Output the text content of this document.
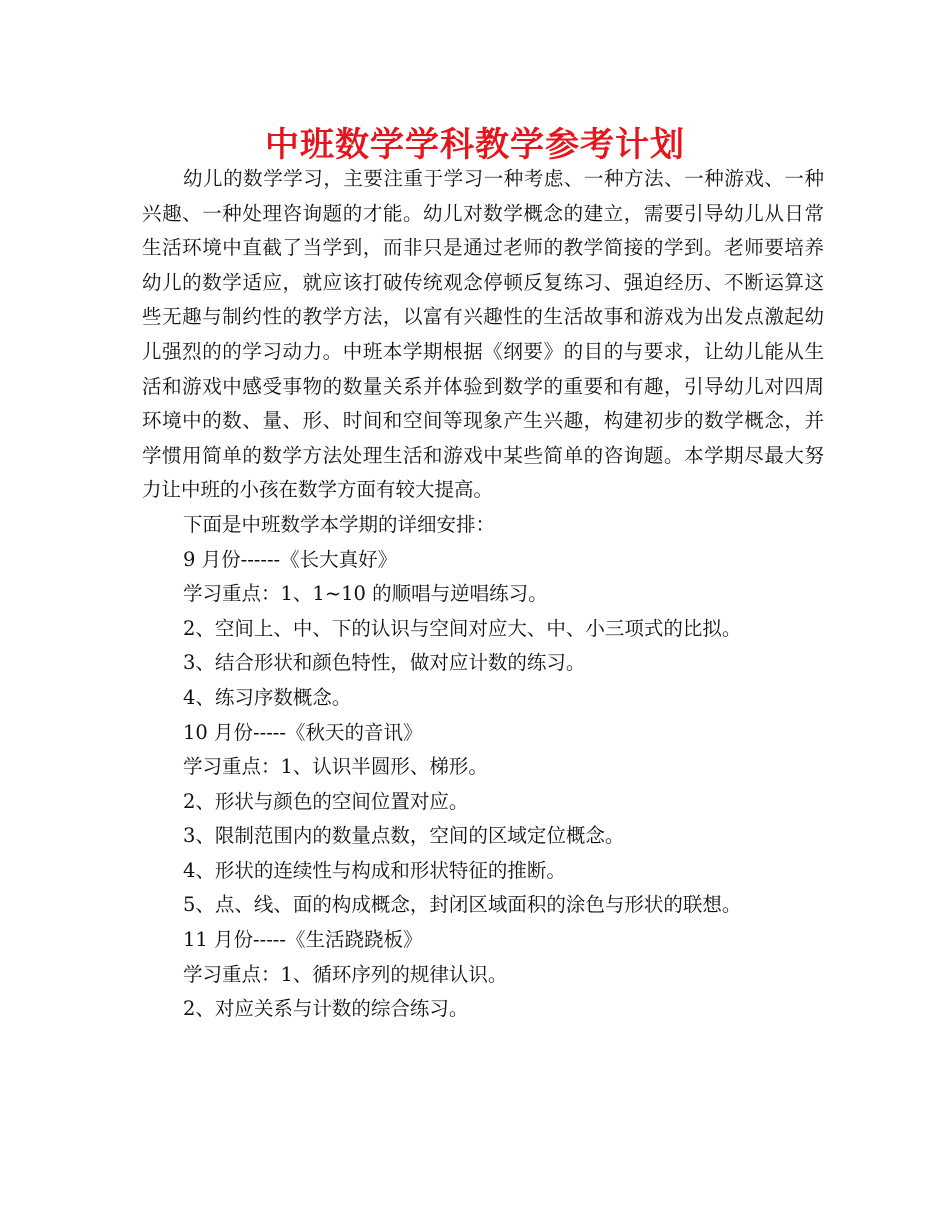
中班数学学科教学参考计划

幼儿的数学学习，主要注重于学习一种考虑、一种方法、一种游戏、一种兴趣、一种处理咨询题的才能。幼儿对数学概念的建立，需要引导幼儿从日常生活环境中直截了当学到，而非只是通过老师的教学简接的学到。老师要培养幼儿的数学适应，就应该打破传统观念停顿反复练习、强迫经历、不断运算这些无趣与制约性的教学方法，以富有兴趣性的生活故事和游戏为出发点激起幼儿强烈的的学习动力。中班本学期根据《纲要》的目的与要求，让幼儿能从生活和游戏中感受事物的数量关系并体验到数学的重要和有趣，引导幼儿对四周环境中的数、量、形、时间和空间等现象产生兴趣，构建初步的数学概念，并学惯用简单的数学方法处理生活和游戏中某些简单的咨询题。本学期尽最大努力让中班的小孩在数学方面有较大提高。

下面是中班数学本学期的详细安排：

9 月份------《长大真好》

学习重点：1、1~10 的顺唱与逆唱练习。

2、空间上、中、下的认识与空间对应大、中、小三项式的比拟。

3、结合形状和颜色特性，做对应计数的练习。

4、练习序数概念。

10 月份-----《秋天的音讯》

学习重点：1、认识半圆形、梯形。

2、形状与颜色的空间位置对应。

3、限制范围内的数量点数，空间的区域定位概念。

4、形状的连续性与构成和形状特征的推断。

5、点、线、面的构成概念，封闭区域面积的涂色与形状的联想。

11 月份-----《生活跷跷板》

学习重点：1、循环序列的规律认识。

2、对应关系与计数的综合练习。
